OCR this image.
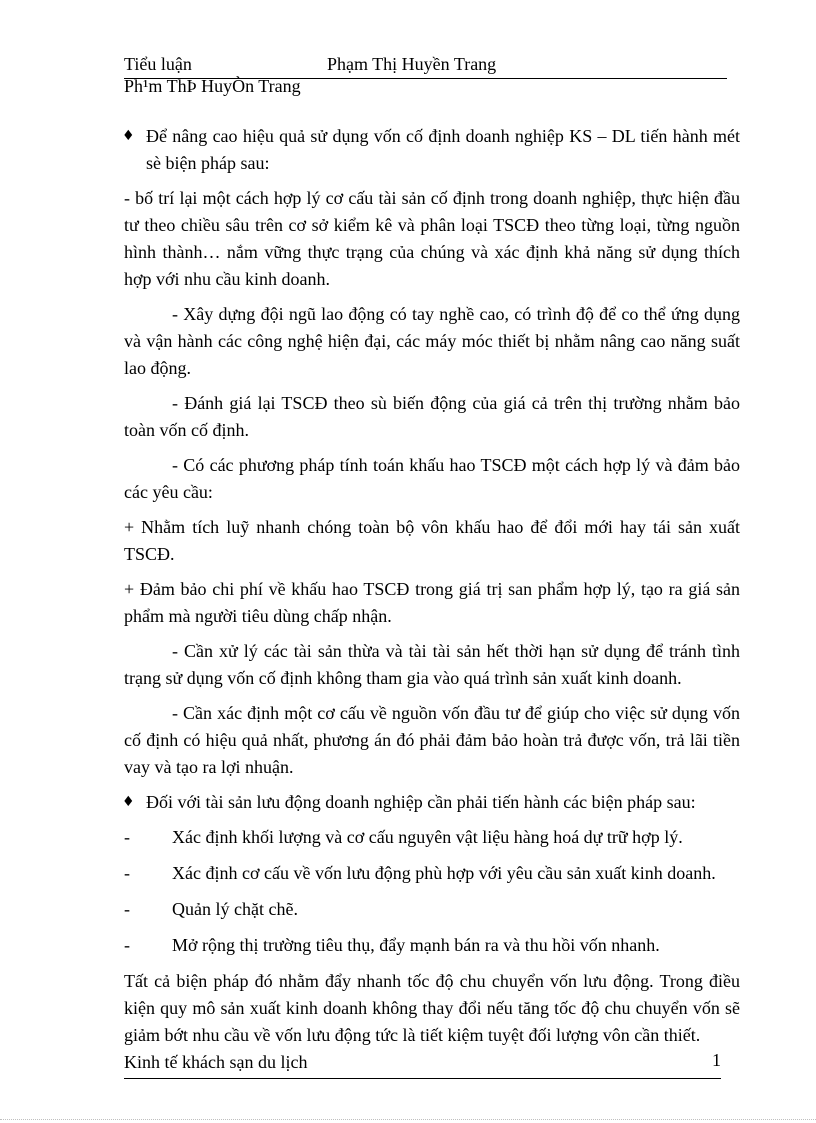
Tiểu luận	Phạm Thị Huyền Trang
Ph¹m ThÞ HuyÒn Trang

♦ Để nâng cao hiệu quả sử dụng vốn cố định doanh nghiệp KS – DL tiến hành mét sè biện pháp sau:

- bố trí lại một cách hợp lý cơ cấu tài sản cố định trong doanh nghiệp, thực hiện đầu tư theo chiều sâu trên cơ sở kiểm kê và phân loại TSCĐ theo từng loại, từng nguồn hình thành… nắm vững thực trạng của chúng và xác định khả năng sử dụng thích hợp với nhu cầu kinh doanh.

- Xây dựng đội ngũ lao động có tay nghề cao, có trình độ để co thể ứng dụng và vận hành các công nghệ hiện đại, các máy móc thiết bị nhằm nâng cao năng suất lao động.

- Đánh giá lại TSCĐ theo sù biến động của giá cả trên thị trường nhằm bảo toàn vốn cố định.

- Có các phương pháp tính toán khấu hao TSCĐ một cách hợp lý và đảm bảo các yêu cầu:

+ Nhằm tích luỹ nhanh chóng toàn bộ vôn khấu hao để đổi mới hay tái sản xuất TSCĐ.

+ Đảm bảo chi phí về khấu hao TSCĐ trong giá trị san phẩm hợp lý, tạo ra giá sản phẩm mà người tiêu dùng chấp nhận.

- Cần xử lý các tài sản thừa và tài tài sản hết thời hạn sử dụng để tránh tình trạng sử dụng vốn cố định không tham gia vào quá trình sản xuất kinh doanh.

- Cần xác định một cơ cấu về nguồn vốn đầu tư để giúp cho việc sử dụng vốn cố định có hiệu quả nhất, phương án đó phải đảm bảo hoàn trả được vốn, trả lãi tiền vay và tạo ra lợi nhuận.

♦ Đối với tài sản lưu động doanh nghiệp cần phải tiến hành các biện pháp sau:

- Xác định khối lượng và cơ cấu nguyên vật liệu hàng hoá dự trữ hợp lý.
- Xác định cơ cấu về vốn lưu động phù hợp với yêu cầu sản xuất kinh doanh.
- Quản lý chặt chẽ.
- Mở rộng thị trường tiêu thụ, đẩy mạnh bán ra và thu hồi vốn nhanh.

Tất cả biện pháp đó nhằm đẩy nhanh tốc độ chu chuyển vốn lưu động. Trong điều kiện quy mô sản xuất kinh doanh không thay đổi nếu tăng tốc độ chu chuyển vốn sẽ giảm bớt nhu cầu về vốn lưu động tức là tiết kiệm tuyệt đối lượng vôn cần thiết.

Kinh tế khách sạn du lịch	1
